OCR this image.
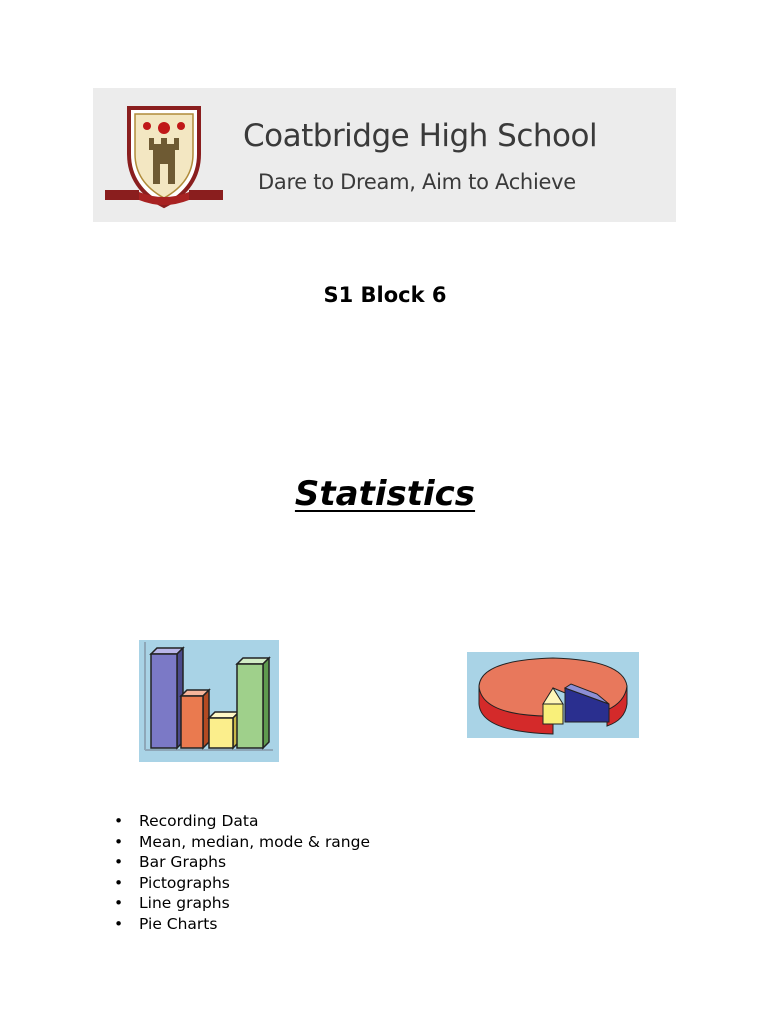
Coatbridge High School
Dare to Dream, Aim to Achieve
S1 Block 6
Statistics
• Recording Data
• Mean, median, mode & range
• Bar Graphs
• Pictographs
• Line graphs
• Pie Charts
